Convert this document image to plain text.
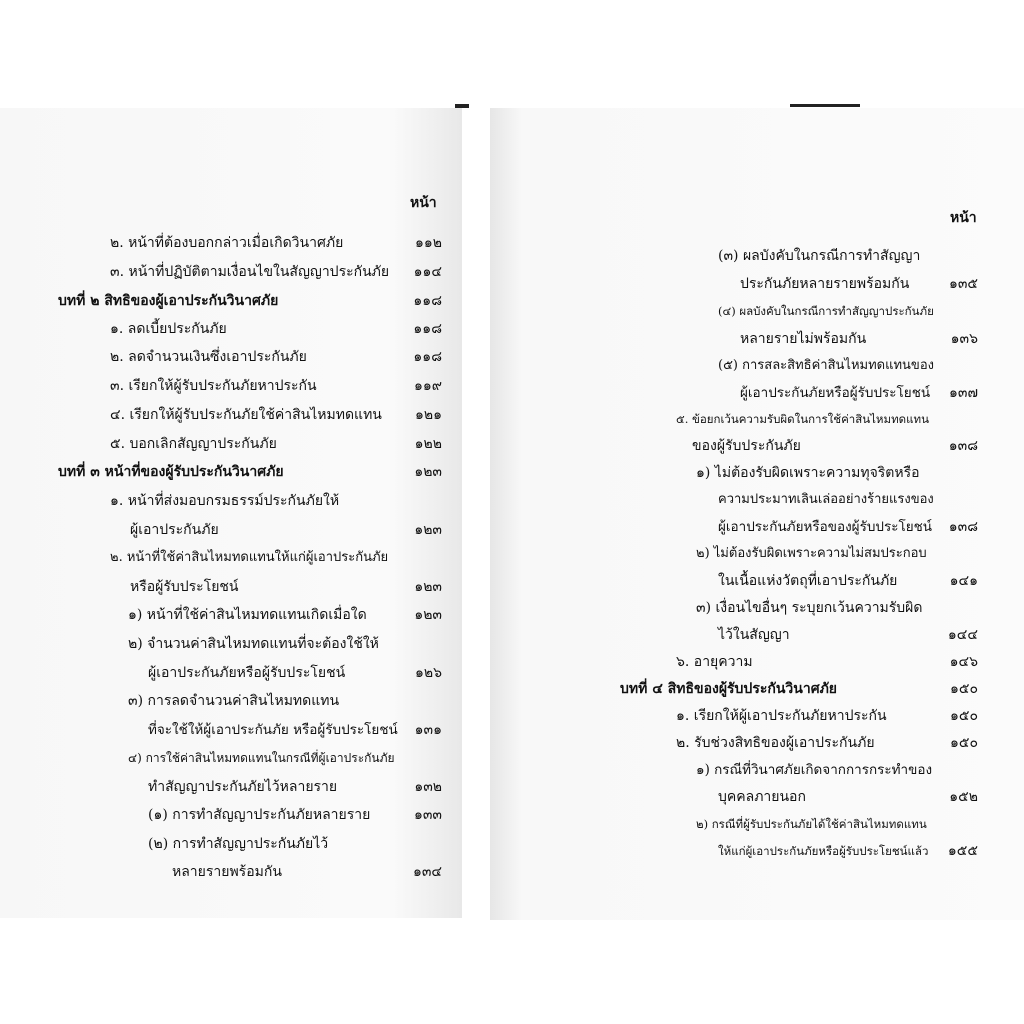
หน้า
๒. หน้าที่ต้องบอกกล่าวเมื่อเกิดวินาศภัย	๑๑๒
๓. หน้าที่ปฏิบัติตามเงื่อนไขในสัญญาประกันภัย	๑๑๔
บทที่ ๒ สิทธิของผู้เอาประกันวินาศภัย	๑๑๘
๑. ลดเบี้ยประกันภัย	๑๑๘
๒. ลดจำนวนเงินซึ่งเอาประกันภัย	๑๑๘
๓. เรียกให้ผู้รับประกันภัยหาประกัน	๑๑๙
๔. เรียกให้ผู้รับประกันภัยใช้ค่าสินไหมทดแทน	๑๒๑
๕. บอกเลิกสัญญาประกันภัย	๑๒๒
บทที่ ๓ หน้าที่ของผู้รับประกันวินาศภัย	๑๒๓
๑. หน้าที่ส่งมอบกรมธรรม์ประกันภัยให้
ผู้เอาประกันภัย	๑๒๓
๒. หน้าที่ใช้ค่าสินไหมทดแทนให้แก่ผู้เอาประกันภัย
หรือผู้รับประโยชน์	๑๒๓
๑) หน้าที่ใช้ค่าสินไหมทดแทนเกิดเมื่อใด	๑๒๓
๒) จำนวนค่าสินไหมทดแทนที่จะต้องใช้ให้
ผู้เอาประกันภัยหรือผู้รับประโยชน์	๑๒๖
๓) การลดจำนวนค่าสินไหมทดแทน
ที่จะใช้ให้ผู้เอาประกันภัย หรือผู้รับประโยชน์	๑๓๑
๔) การใช้ค่าสินไหมทดแทนในกรณีที่ผู้เอาประกันภัย
ทำสัญญาประกันภัยไว้หลายราย	๑๓๒
(๑) การทำสัญญาประกันภัยหลายราย	๑๓๓
(๒) การทำสัญญาประกันภัยไว้
หลายรายพร้อมกัน	๑๓๔
หน้า
(๓) ผลบังคับในกรณีการทำสัญญา
ประกันภัยหลายรายพร้อมกัน	๑๓๕
(๔) ผลบังคับในกรณีการทำสัญญาประกันภัย
หลายรายไม่พร้อมกัน	๑๓๖
(๕) การสละสิทธิค่าสินไหมทดแทนของ
ผู้เอาประกันภัยหรือผู้รับประโยชน์	๑๓๗
๕. ข้อยกเว้นความรับผิดในการใช้ค่าสินไหมทดแทน
ของผู้รับประกันภัย	๑๓๘
๑) ไม่ต้องรับผิดเพราะความทุจริตหรือ
ความประมาทเลินเล่ออย่างร้ายแรงของ
ผู้เอาประกันภัยหรือของผู้รับประโยชน์	๑๓๘
๒) ไม่ต้องรับผิดเพราะความไม่สมประกอบ
ในเนื้อแห่งวัตถุที่เอาประกันภัย	๑๔๑
๓) เงื่อนไขอื่นๆ ระบุยกเว้นความรับผิด
ไว้ในสัญญา	๑๔๔
๖. อายุความ	๑๔๖
บทที่ ๔ สิทธิของผู้รับประกันวินาศภัย	๑๕๐
๑. เรียกให้ผู้เอาประกันภัยหาประกัน	๑๕๐
๒. รับช่วงสิทธิของผู้เอาประกันภัย	๑๕๐
๑) กรณีที่วินาศภัยเกิดจากการกระทำของ
บุคคลภายนอก	๑๕๒
๒) กรณีที่ผู้รับประกันภัยได้ใช้ค่าสินไหมทดแทน
ให้แก่ผู้เอาประกันภัยหรือผู้รับประโยชน์แล้ว	๑๕๕
